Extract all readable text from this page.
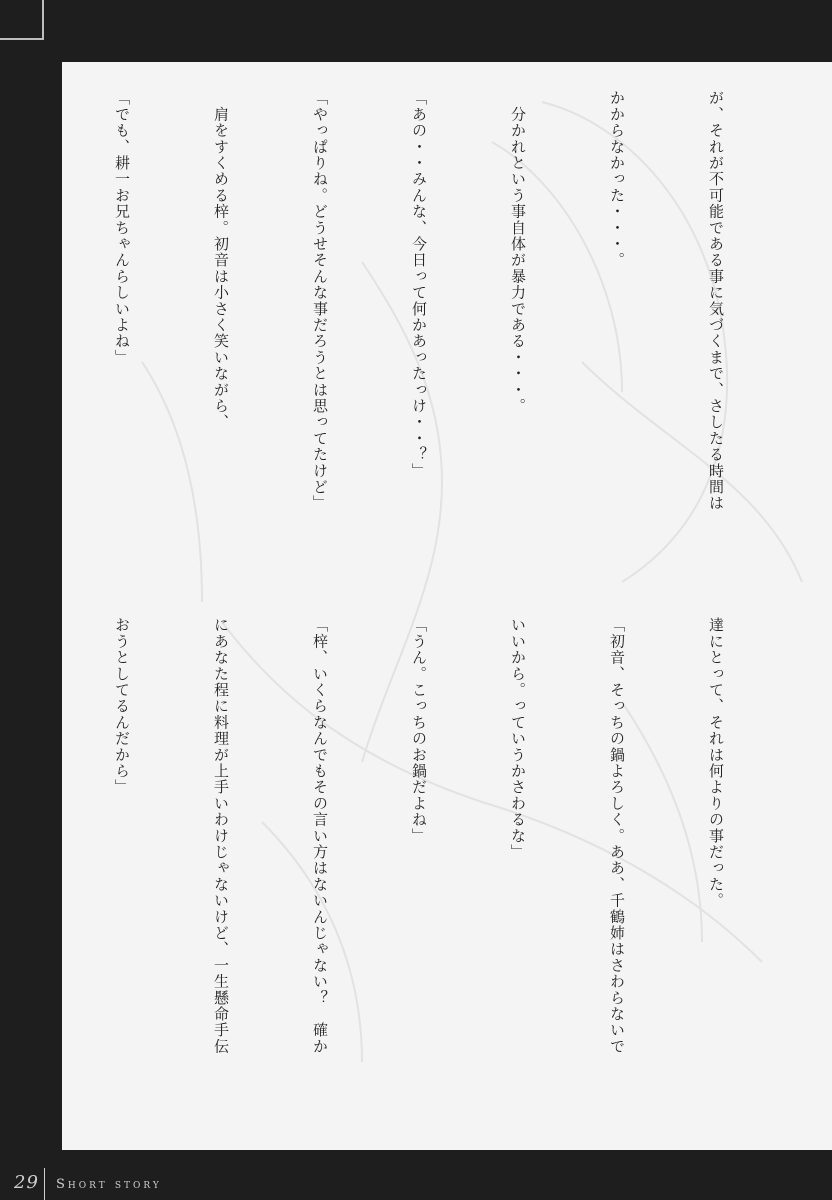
が、それが不可能である事に気づくまで、さしたる時間は

かからなかった・・・。

　分かれという事自体が暴力である・・・。

「あの・・みんな、今日って何かあったっけ・・？」

「やっぱりね。どうせそんな事だろうとは思ってたけど」

　肩をすくめる梓。初音は小さく笑いながら、

「でも、耕一お兄ちゃんらしいよね」

「本当に。こんな大事な日を忘れてるんですから」

達にとって、それは何よりの事だった。

「初音、そっちの鍋よろしく。ああ、千鶴姉はさわらないで

いいから。っていうかさわるな」

「うん。こっちのお鍋だよね」

「梓、いくらなんでもその言い方はないんじゃない？　確か

にあなた程に料理が上手いわけじゃないけど、一生懸命手伝

おうとしてるんだから」

「千鶴姉のは手伝いじゃなくて邪魔っていうの。大人しく食

29 Short story
